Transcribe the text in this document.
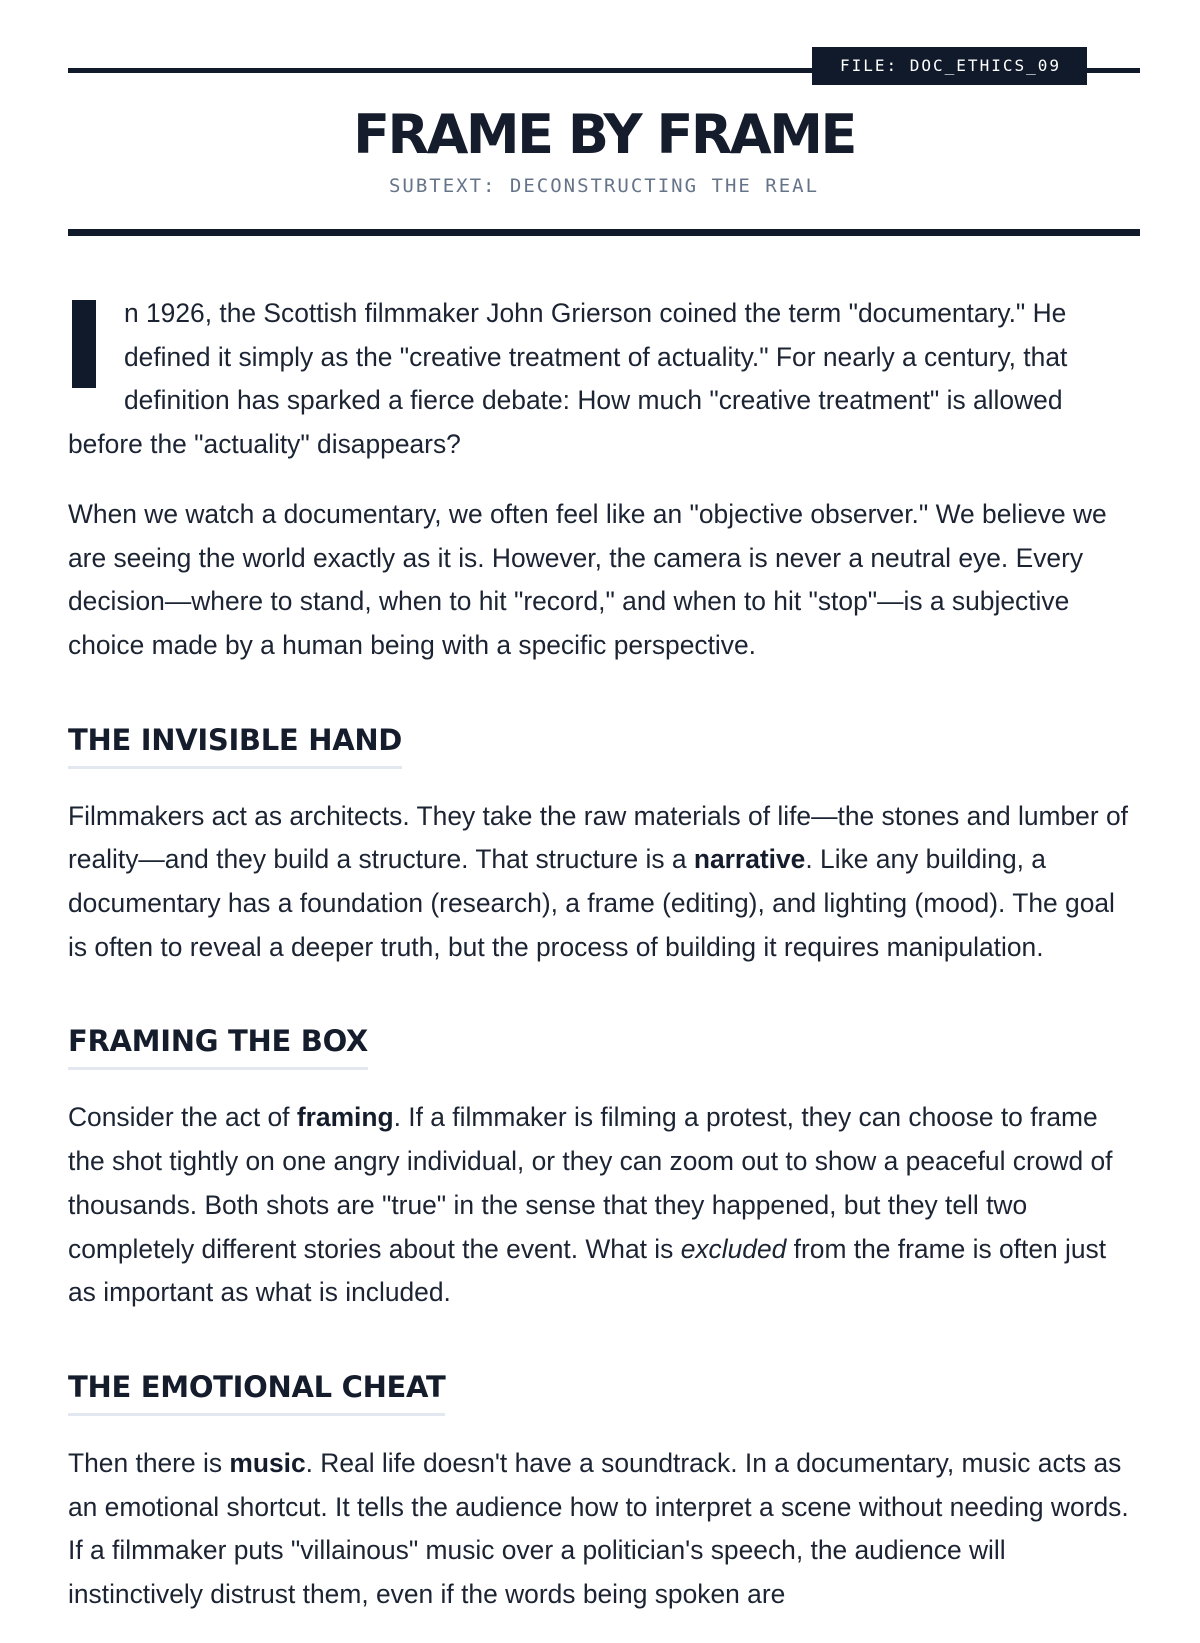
FILE: DOC_ETHICS_09
FRAME BY FRAME
SUBTEXT: DECONSTRUCTING THE REAL

n 1926, the Scottish filmmaker John Grierson coined the term "documentary." He defined it simply as the "creative treatment of actuality." For nearly a century, that definition has sparked a fierce debate: How much "creative treatment" is allowed before the "actuality" disappears?

When we watch a documentary, we often feel like an "objective observer." We believe we are seeing the world exactly as it is. However, the camera is never a neutral eye. Every decision—where to stand, when to hit "record," and when to hit "stop"—is a subjective choice made by a human being with a specific perspective.

THE INVISIBLE HAND

Filmmakers act as architects. They take the raw materials of life—the stones and lumber of reality—and they build a structure. That structure is a narrative. Like any building, a documentary has a foundation (research), a frame (editing), and lighting (mood). The goal is often to reveal a deeper truth, but the process of building it requires manipulation.

FRAMING THE BOX

Consider the act of framing. If a filmmaker is filming a protest, they can choose to frame the shot tightly on one angry individual, or they can zoom out to show a peaceful crowd of thousands. Both shots are "true" in the sense that they happened, but they tell two completely different stories about the event. What is excluded from the frame is often just as important as what is included.

THE EMOTIONAL CHEAT

Then there is music. Real life doesn't have a soundtrack. In a documentary, music acts as an emotional shortcut. It tells the audience how to interpret a scene without needing words. If a filmmaker puts "villainous" music over a politician's speech, the audience will instinctively distrust them, even if the words being spoken are
